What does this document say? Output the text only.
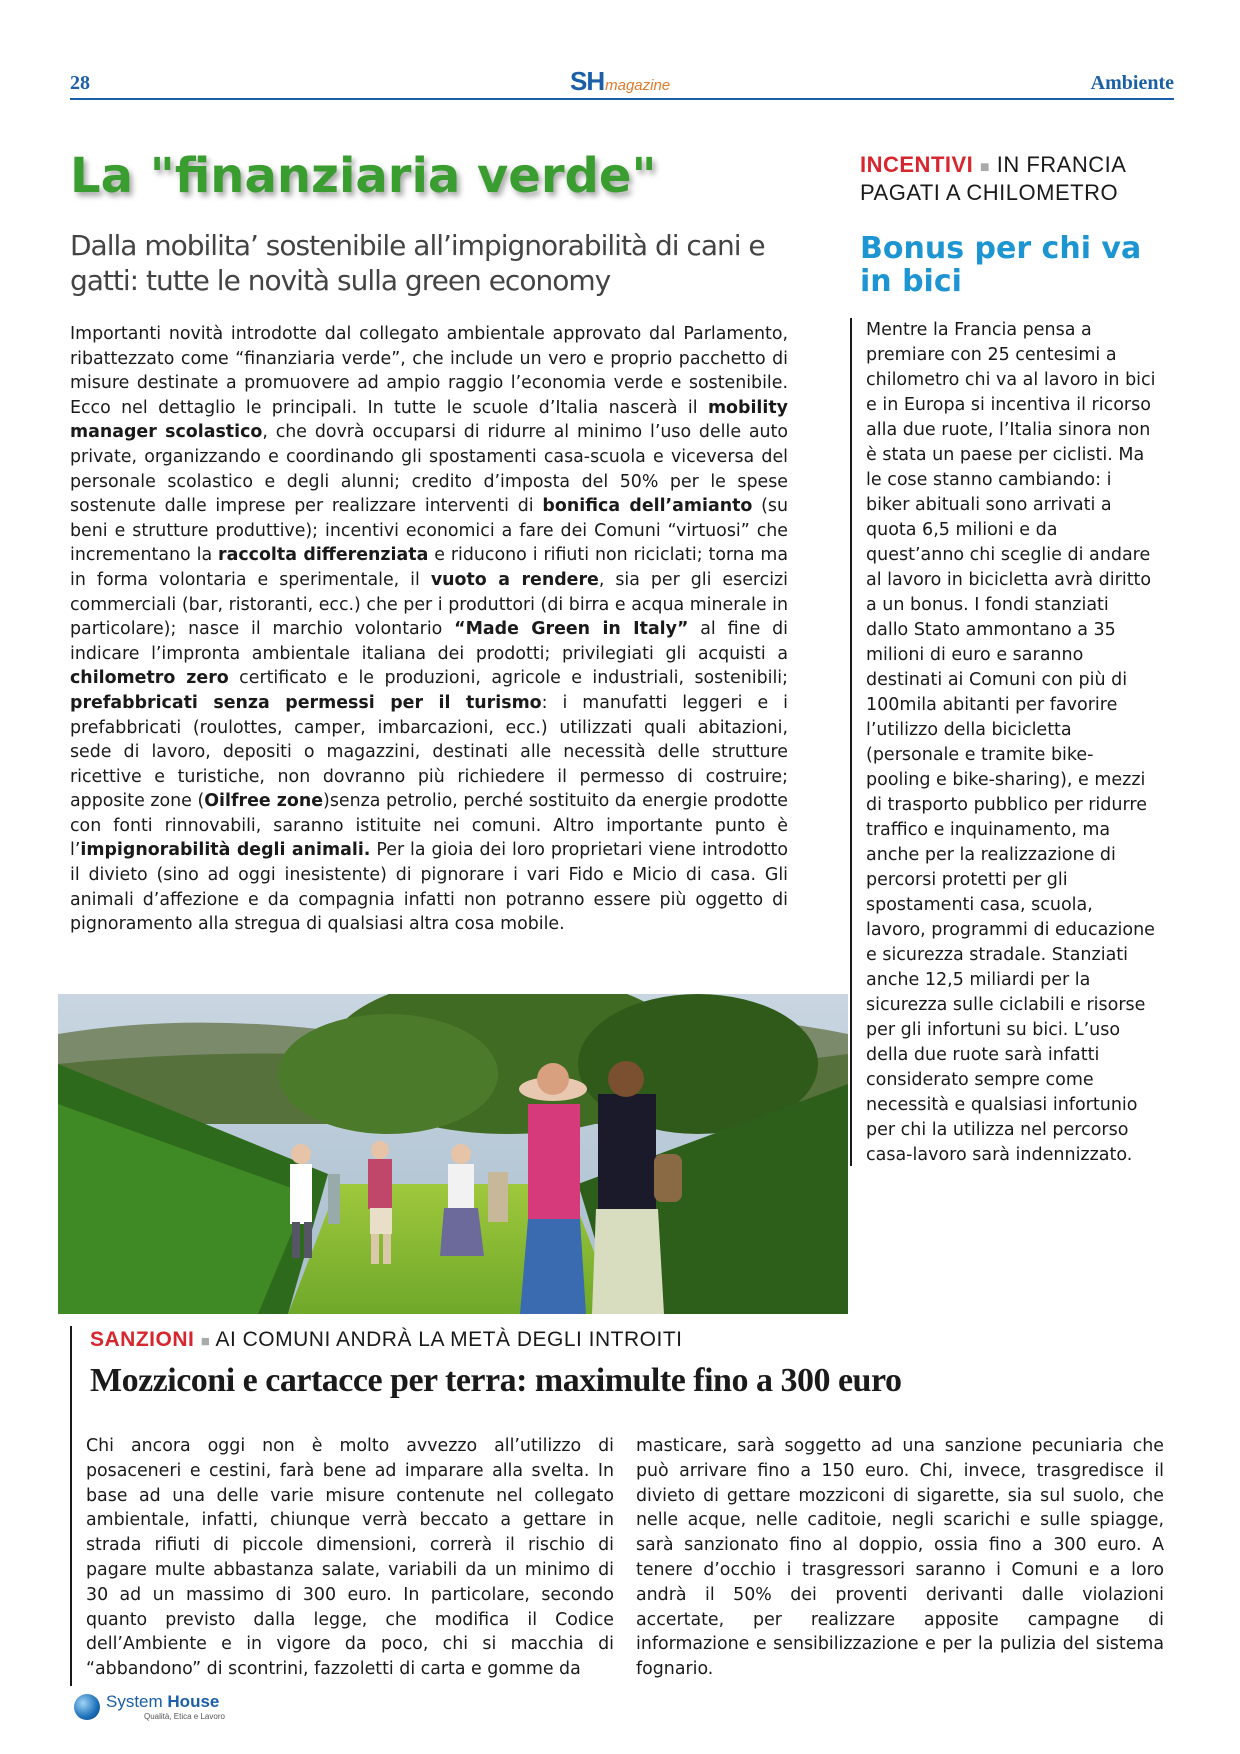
28	SHmagazine	Ambiente
La "finanziaria verde"
Dalla mobilita’ sostenibile all’impignorabilità di cani e gatti: tutte le novità sulla green economy
Importanti novità introdotte dal collegato ambientale approvato dal Parlamento, ribattezzato come “finanziaria verde”, che include un vero e proprio pacchetto di misure destinate a promuovere ad ampio raggio l’economia verde e sostenibile. Ecco nel dettaglio le principali. In tutte le scuole d’Italia nascerà il mobility manager scolastico, che dovrà occuparsi di ridurre al minimo l’uso delle auto private, organizzando e coordinando gli spostamenti casa-scuola e viceversa del personale scolastico e degli alunni; credito d’imposta del 50% per le spese sostenute dalle imprese per realizzare interventi di bonifica dell’amianto (su beni e strutture produttive); incentivi economici a fare dei Comuni “virtuosi” che incrementano la raccolta differenziata e riducono i rifiuti non riciclati; torna ma in forma volontaria e sperimentale, il vuoto a rendere, sia per gli esercizi commerciali (bar, ristoranti, ecc.) che per i produttori (di birra e acqua minerale in particolare); nasce il marchio volontario “Made Green in Italy” al fine di indicare l’impronta ambientale italiana dei prodotti; privilegiati gli acquisti a chilometro zero certificato e le produzioni, agricole e industriali, sostenibili; prefabbricati senza permessi per il turismo: i manufatti leggeri e i prefabbricati (roulottes, camper, imbarcazioni, ecc.) utilizzati quali abitazioni, sede di lavoro, depositi o magazzini, destinati alle necessità delle strutture ricettive e turistiche, non dovranno più richiedere il permesso di costruire; apposite zone (Oilfree zone)senza petrolio, perché sostituito da energie prodotte con fonti rinnovabili, saranno istituite nei comuni. Altro importante punto è l’impignorabilità degli animali. Per la gioia dei loro proprietari viene introdotto il divieto (sino ad oggi inesistente) di pignorare i vari Fido e Micio di casa. Gli animali d’affezione e da compagnia infatti non potranno essere più oggetto di pignoramento alla stregua di qualsiasi altra cosa mobile.
INCENTIVI ■ IN FRANCIA PAGATI A CHILOMETRO
Bonus per chi va in bici
Mentre la Francia pensa a premiare con 25 centesimi a chilometro chi va al lavoro in bici e in Europa si incentiva il ricorso alla due ruote, l’Italia sinora non è stata un paese per ciclisti. Ma le cose stanno cambiando: i biker abituali sono arrivati a quota 6,5 milioni e da quest’anno chi sceglie di andare al lavoro in bicicletta avrà diritto a un bonus. I fondi stanziati dallo Stato ammontano a 35 milioni di euro e saranno destinati ai Comuni con più di 100mila abitanti per favorire l’utilizzo della bicicletta (personale e tramite bike-pooling e bike-sharing), e mezzi di trasporto pubblico per ridurre traffico e inquinamento, ma anche per la realizzazione di percorsi protetti per gli spostamenti casa, scuola, lavoro, programmi di educazione e sicurezza stradale. Stanziati anche 12,5 miliardi per la sicurezza sulle ciclabili e risorse per gli infortuni su bici. L’uso della due ruote sarà infatti considerato sempre come necessità e qualsiasi infortunio per chi la utilizza nel percorso casa-lavoro sarà indennizzato.
SANZIONI ■ AI COMUNI ANDRÀ LA METÀ DEGLI INTROITI
Mozziconi e cartacce per terra: maximulte fino a 300 euro
Chi ancora oggi non è molto avvezzo all’utilizzo di posaceneri e cestini, farà bene ad imparare alla svelta. In base ad una delle varie misure contenute nel collegato ambientale, infatti, chiunque verrà beccato a gettare in strada rifiuti di piccole dimensioni, correrà il rischio di pagare multe abbastanza salate, variabili da un minimo di 30 ad un massimo di 300 euro. In particolare, secondo quanto previsto dalla legge, che modifica il Codice dell’Ambiente e in vigore da poco, chi si macchia di “abbandono” di scontrini, fazzoletti di carta e gomme da
masticare, sarà soggetto ad una sanzione pecuniaria che può arrivare fino a 150 euro. Chi, invece, trasgredisce il divieto di gettare mozziconi di sigarette, sia sul suolo, che nelle acque, nelle caditoie, negli scarichi e sulle spiagge, sarà sanzionato fino al doppio, ossia fino a 300 euro. A tenere d’occhio i trasgressori saranno i Comuni e a loro andrà il 50% dei proventi derivanti dalle violazioni accertate, per realizzare apposite campagne di informazione e sensibilizzazione e per la pulizia del sistema fognario.
System House
Qualità, Etica e Lavoro
